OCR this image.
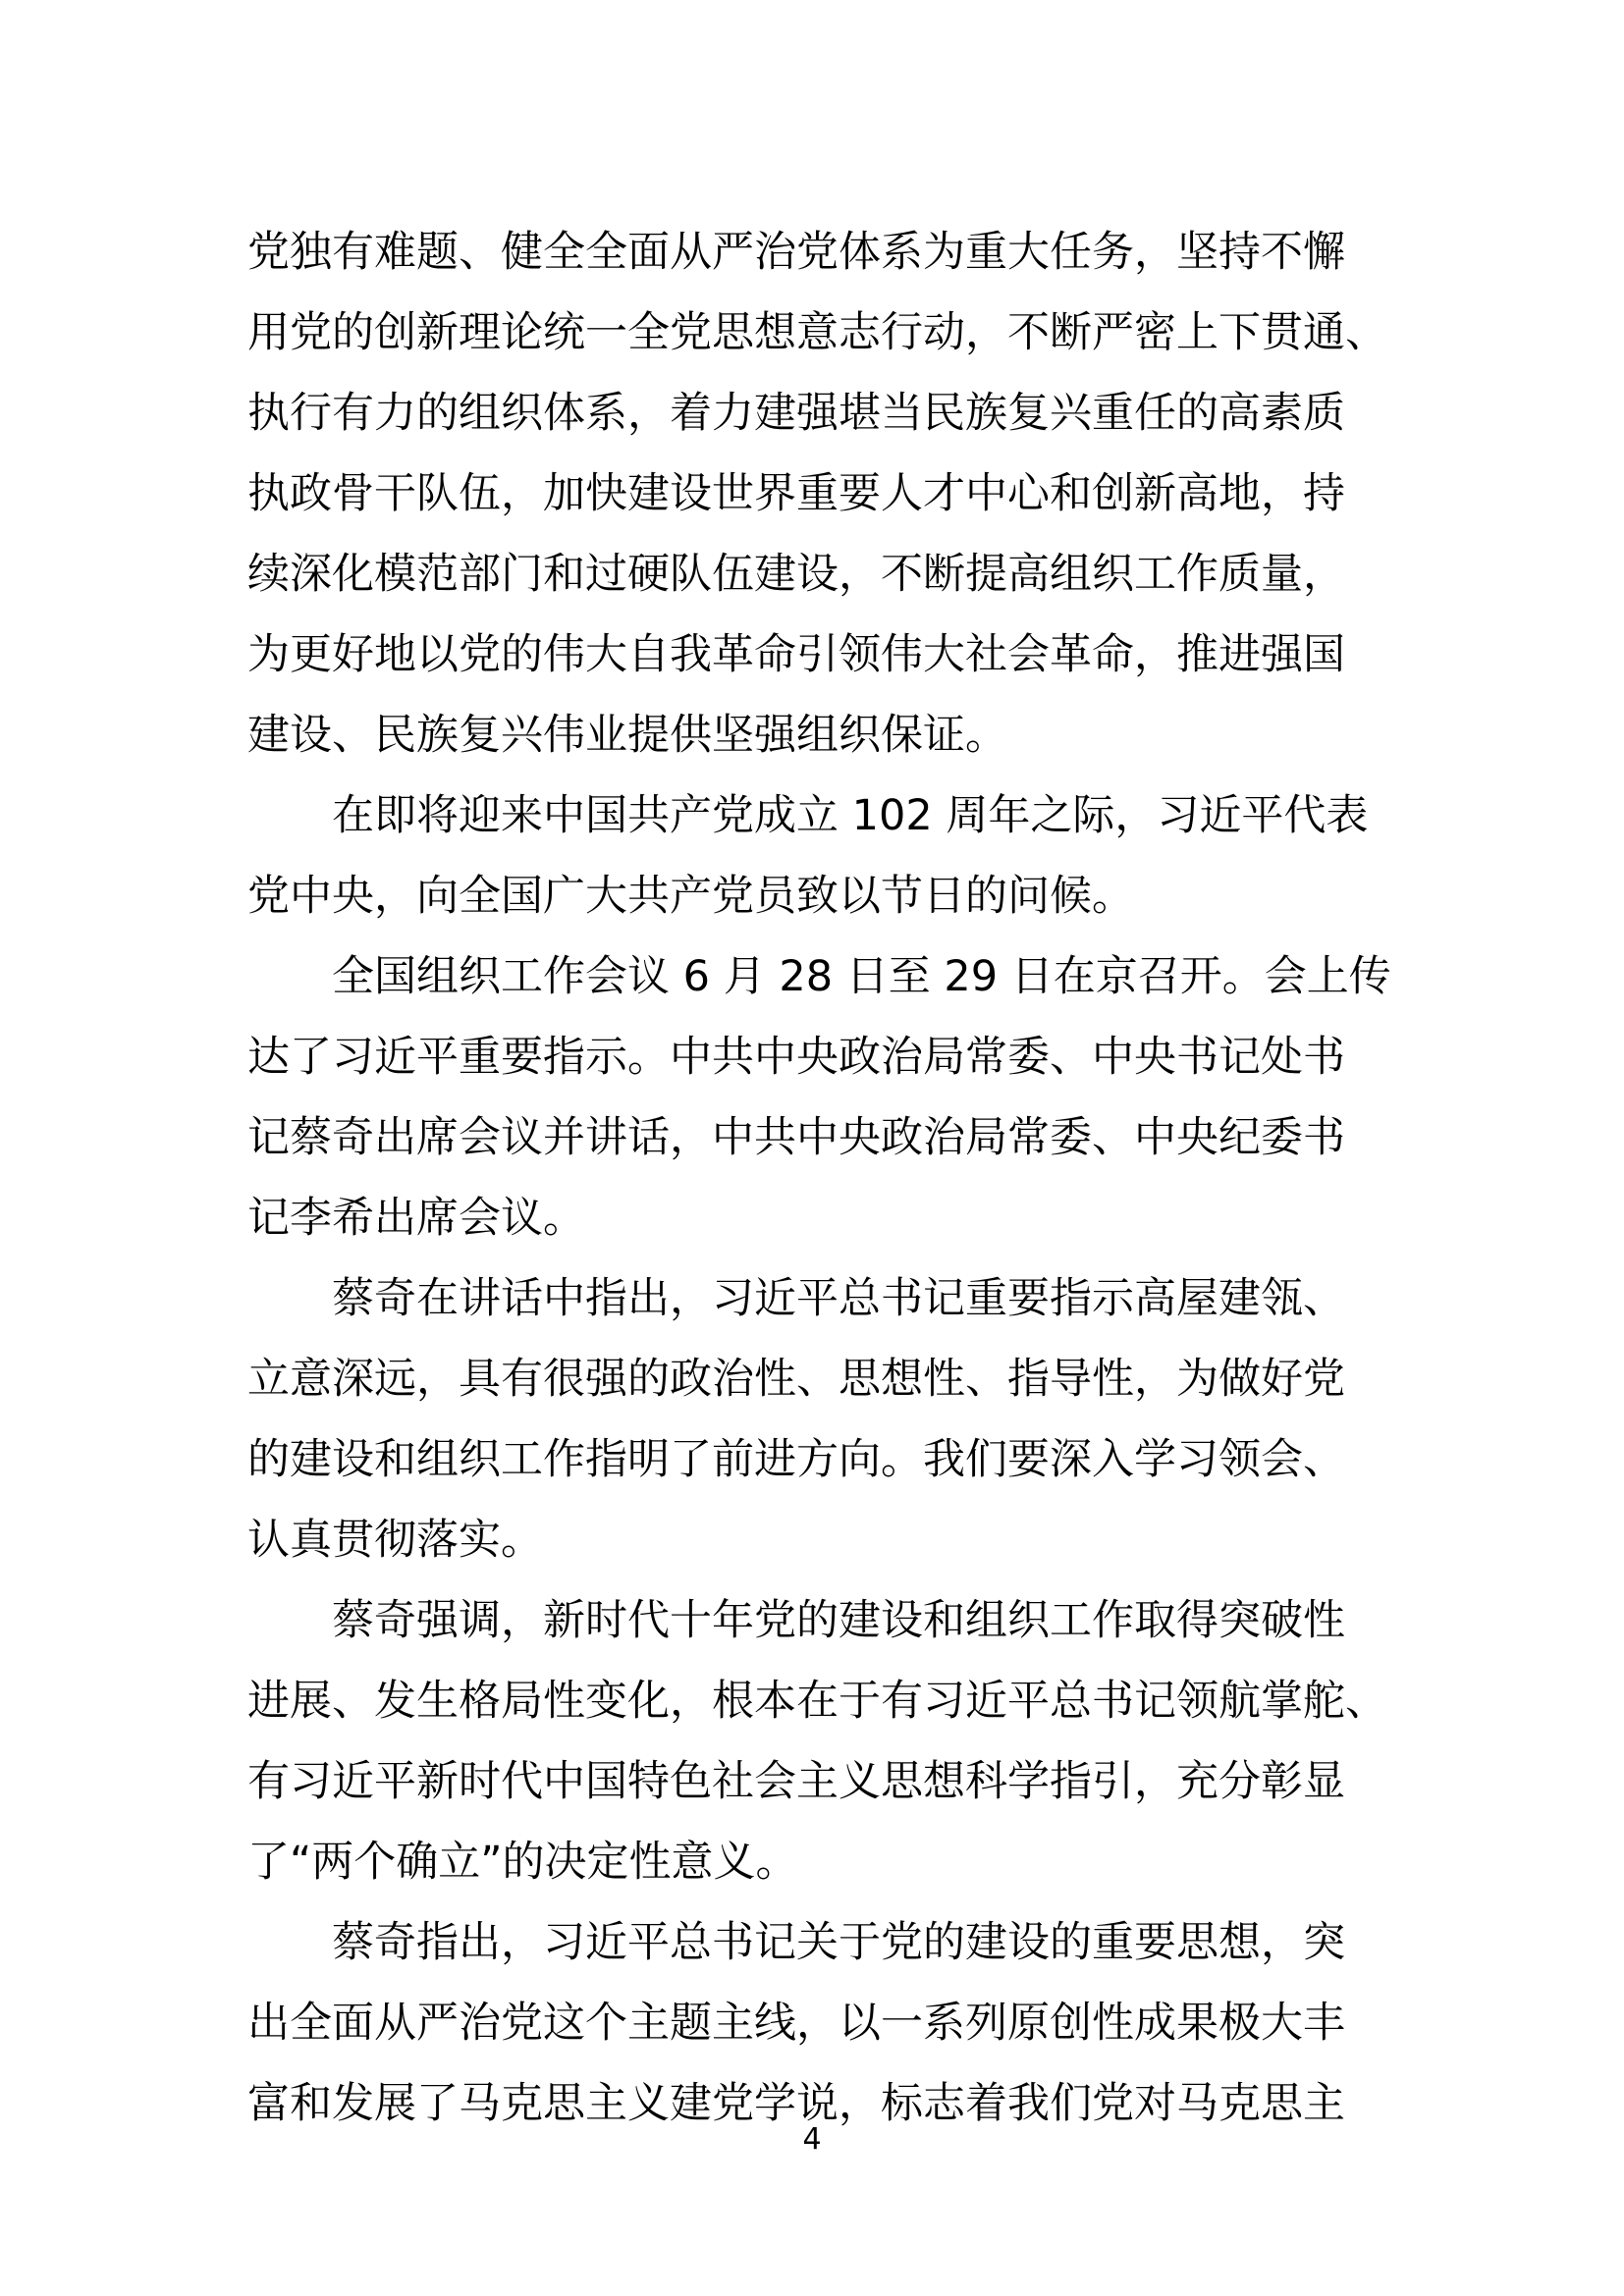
党独有难题、健全全面从严治党体系为重大任务，坚持不懈
用党的创新理论统一全党思想意志行动，不断严密上下贯通、
执行有力的组织体系，着力建强堪当民族复兴重任的高素质
执政骨干队伍，加快建设世界重要人才中心和创新高地，持
续深化模范部门和过硬队伍建设，不断提高组织工作质量，
为更好地以党的伟大自我革命引领伟大社会革命，推进强国
建设、民族复兴伟业提供坚强组织保证。
　　在即将迎来中国共产党成立 102 周年之际，习近平代表
党中央，向全国广大共产党员致以节日的问候。
　　全国组织工作会议 6 月 28 日至 29 日在京召开。会上传
达了习近平重要指示。中共中央政治局常委、中央书记处书
记蔡奇出席会议并讲话，中共中央政治局常委、中央纪委书
记李希出席会议。
　　蔡奇在讲话中指出，习近平总书记重要指示高屋建瓴、
立意深远，具有很强的政治性、思想性、指导性，为做好党
的建设和组织工作指明了前进方向。我们要深入学习领会、
认真贯彻落实。
　　蔡奇强调，新时代十年党的建设和组织工作取得突破性
进展、发生格局性变化，根本在于有习近平总书记领航掌舵、
有习近平新时代中国特色社会主义思想科学指引，充分彰显
了“两个确立”的决定性意义。
　　蔡奇指出，习近平总书记关于党的建设的重要思想，突
出全面从严治党这个主题主线，以一系列原创性成果极大丰
富和发展了马克思主义建党学说，标志着我们党对马克思主
4
